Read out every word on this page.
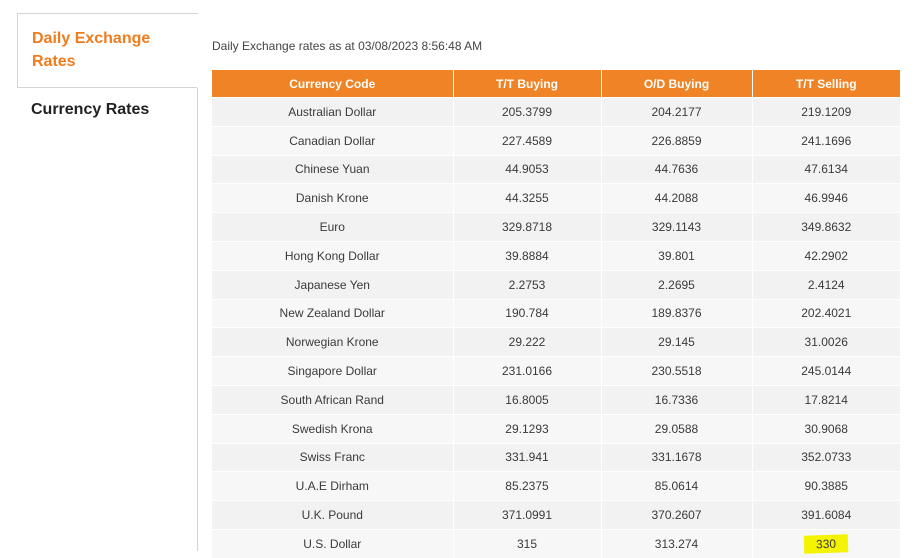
Daily Exchange
Rates
Currency Rates
Daily Exchange rates as at 03/08/2023 8:56:48 AM
Currency Code	T/T Buying	O/D Buying	T/T Selling
Australian Dollar	205.3799	204.2177	219.1209
Canadian Dollar	227.4589	226.8859	241.1696
Chinese Yuan	44.9053	44.7636	47.6134
Danish Krone	44.3255	44.2088	46.9946
Euro	329.8718	329.1143	349.8632
Hong Kong Dollar	39.8884	39.801	42.2902
Japanese Yen	2.2753	2.2695	2.4124
New Zealand Dollar	190.784	189.8376	202.4021
Norwegian Krone	29.222	29.145	31.0026
Singapore Dollar	231.0166	230.5518	245.0144
South African Rand	16.8005	16.7336	17.8214
Swedish Krona	29.1293	29.0588	30.9068
Swiss Franc	331.941	331.1678	352.0733
U.A.E Dirham	85.2375	85.0614	90.3885
U.K. Pound	371.0991	370.2607	391.6084
U.S. Dollar	315	313.274	330
